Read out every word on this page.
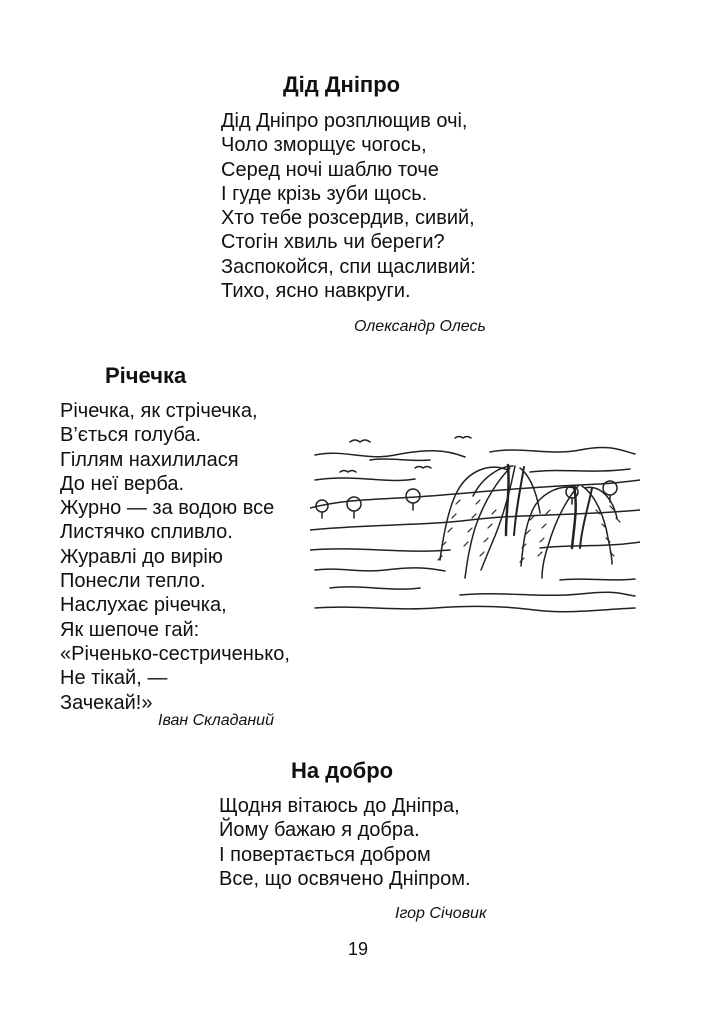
Дід Дніпро
Дід Дніпро розплющив очі,
Чоло зморщує чогось,
Серед ночі шаблю точе
І гуде крізь зуби щось.
Хто тебе розсердив, сивий,
Стогін хвиль чи береги?
Заспокойся, спи щасливий:
Тихо, ясно навкруги.
Олександр Олесь
Річечка
Річечка, як стрічечка,
В’ється голуба.
Гіллям нахилилася
До неї верба.
Журно — за водою все
Листячко спливло.
Журавлі до вирію
Понесли тепло.
Наслухає річечка,
Як шепоче гай:
«Річенько-сестриченько,
Не тікай, —
Зачекай!»
Іван Складаний
На добро
Щодня вітаюсь до Дніпра,
Йому бажаю я добра.
І повертається добром
Все, що освячено Дніпром.
Ігор Січовик
19
